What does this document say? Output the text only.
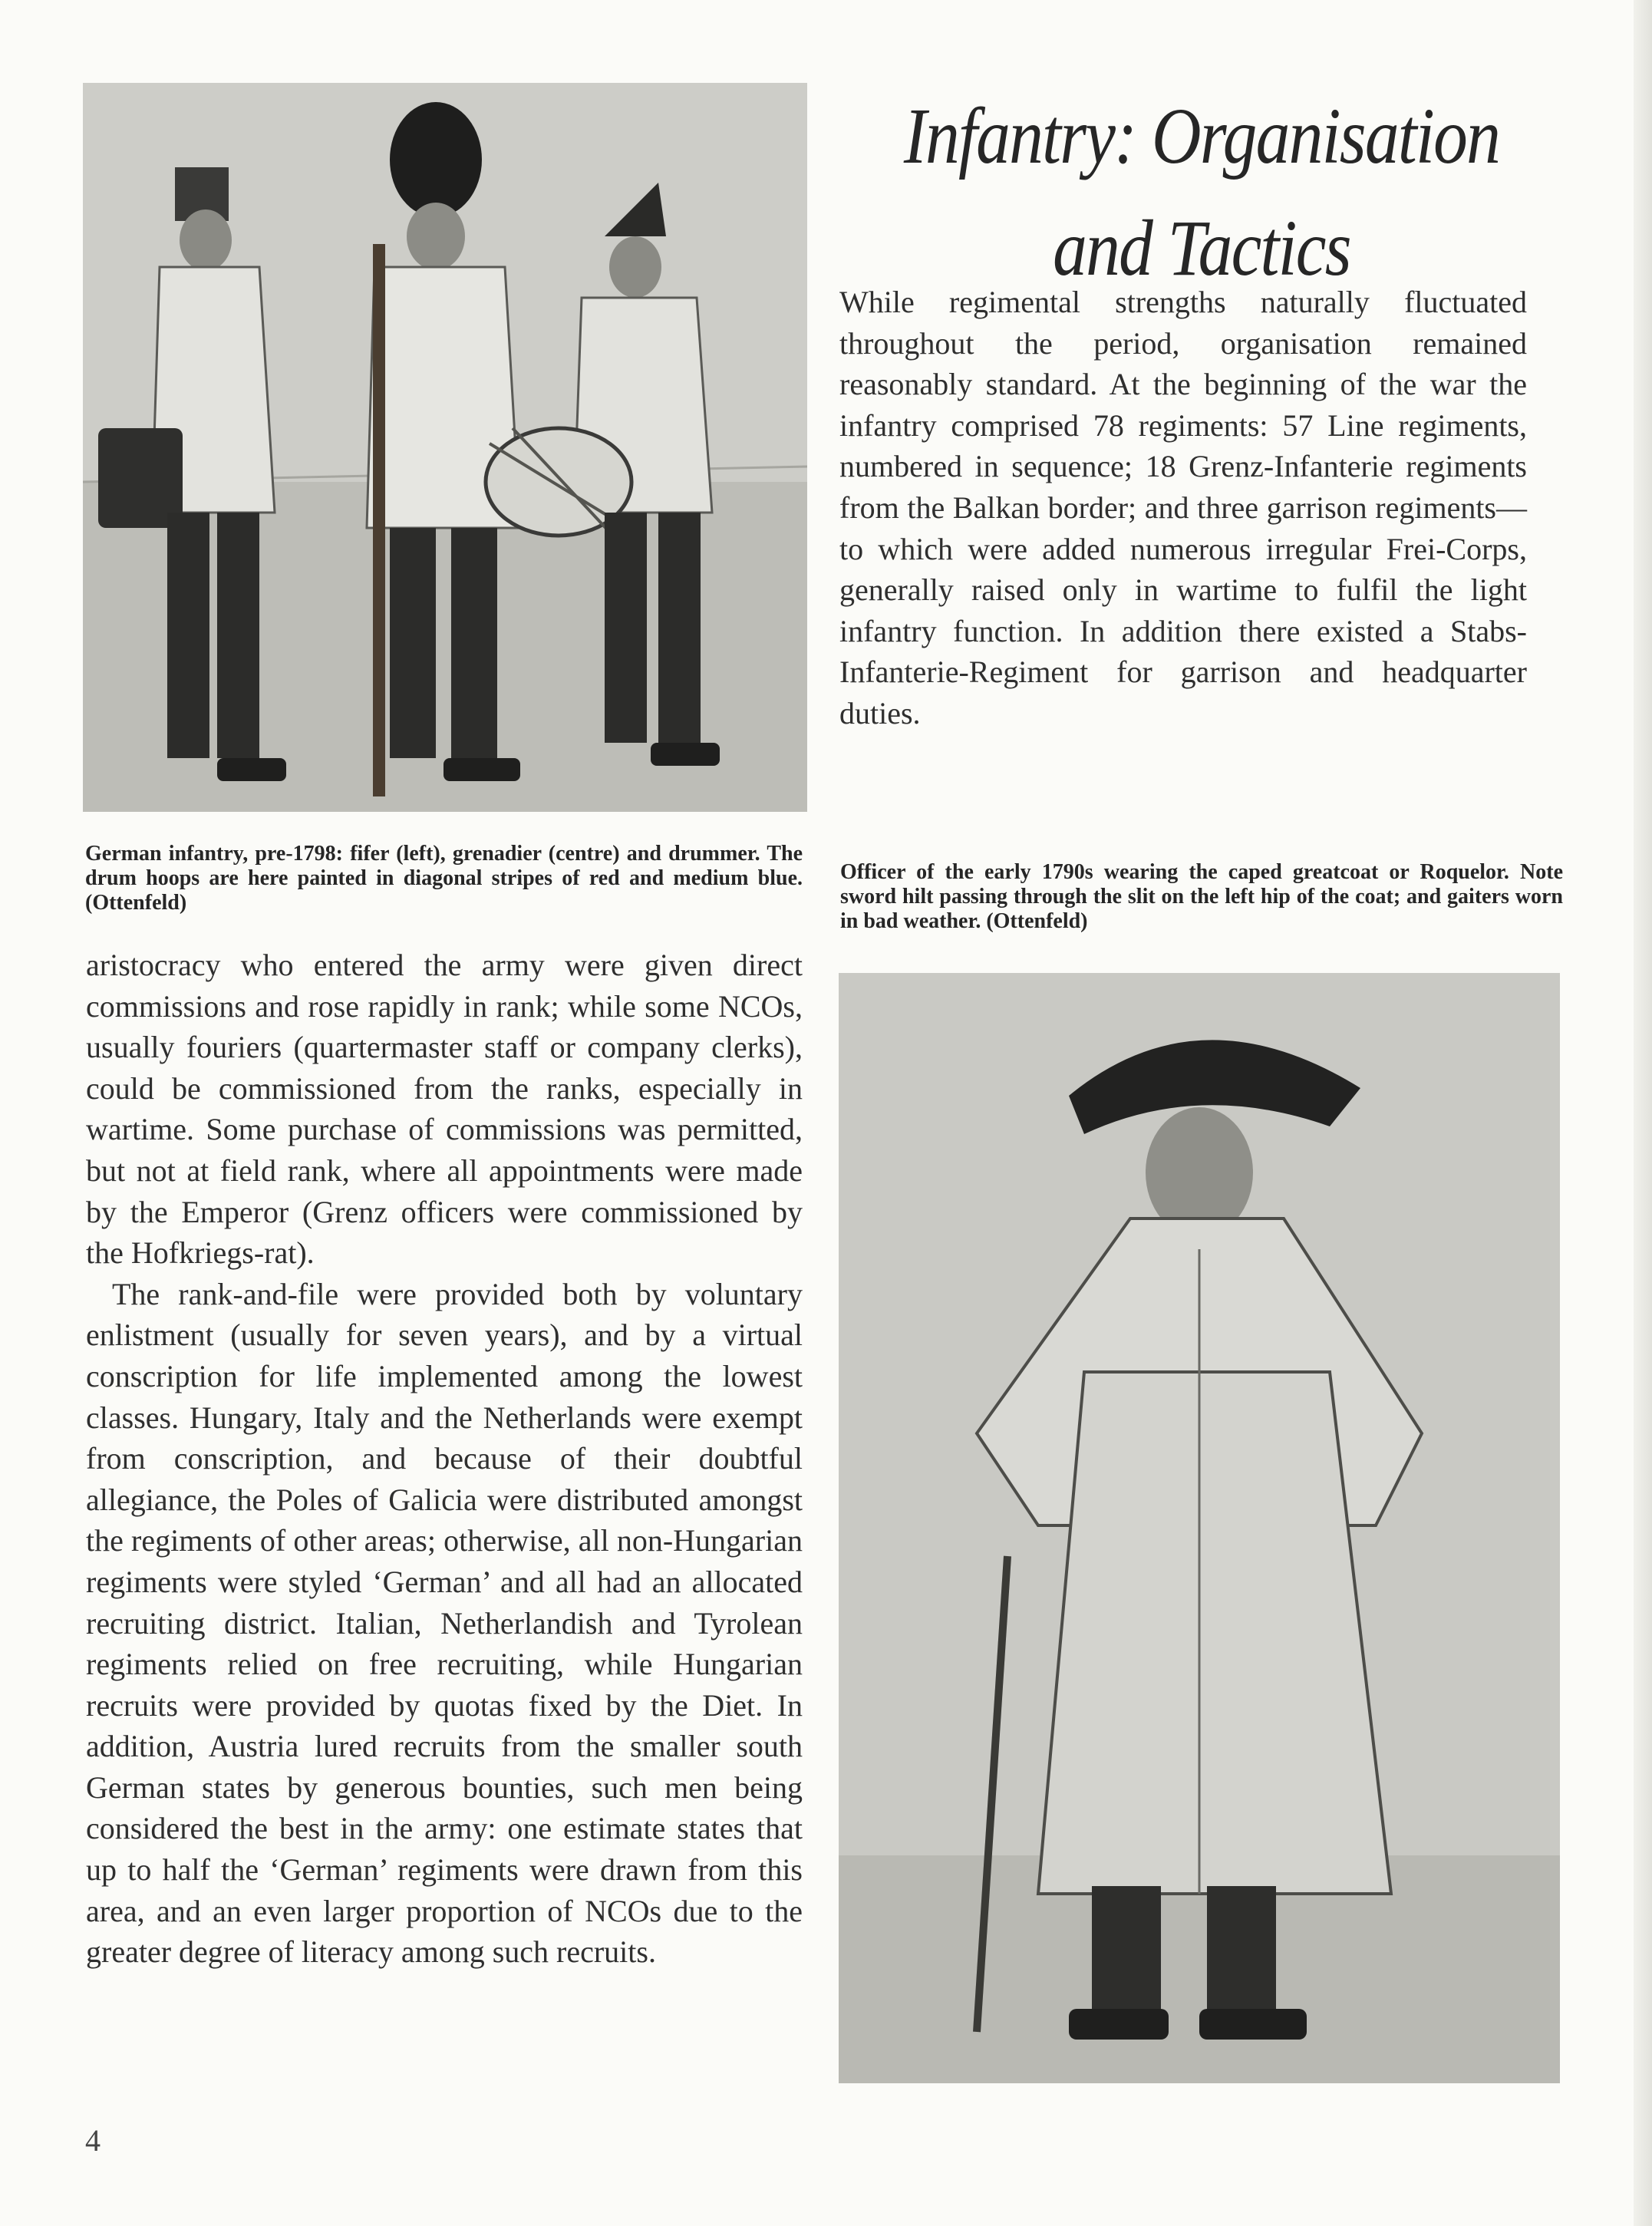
Infantry: Organisation
and Tactics

While regimental strengths naturally fluctuated throughout the period, organisation remained reasonably standard. At the beginning of the war the infantry comprised 78 regiments: 57 Line regiments, numbered in sequence; 18 Grenz-Infanterie regiments from the Balkan border; and three garrison regiments—to which were added numerous irregular Frei-Corps, generally raised only in wartime to fulfil the light infantry function. In addition there existed a Stabs-Infanterie-Regiment for garrison and headquarter duties.

German infantry, pre-1798: fifer (left), grenadier (centre) and drummer. The drum hoops are here painted in diagonal stripes of red and medium blue. (Ottenfeld)
Officer of the early 1790s wearing the caped greatcoat or Roquelor. Note sword hilt passing through the slit on the left hip of the coat; and gaiters worn in bad weather. (Ottenfeld)

aristocracy who entered the army were given direct commissions and rose rapidly in rank; while some NCOs, usually fouriers (quartermaster staff or company clerks), could be commissioned from the ranks, especially in wartime. Some purchase of commissions was permitted, but not at field rank, where all appointments were made by the Emperor (Grenz officers were commissioned by the Hofkriegs-rat).

The rank-and-file were provided both by voluntary enlistment (usually for seven years), and by a virtual conscription for life implemented among the lowest classes. Hungary, Italy and the Netherlands were exempt from conscription, and because of their doubtful allegiance, the Poles of Galicia were distributed amongst the regiments of other areas; otherwise, all non-Hungarian regiments were styled ‘German’ and all had an allocated recruiting district. Italian, Netherlandish and Tyrolean regiments relied on free recruiting, while Hungarian recruits were provided by quotas fixed by the Diet. In addition, Austria lured recruits from the smaller south German states by generous bounties, such men being considered the best in the army: one estimate states that up to half the ‘German’ regiments were drawn from this area, and an even larger proportion of NCOs due to the greater degree of literacy among such recruits.

4
